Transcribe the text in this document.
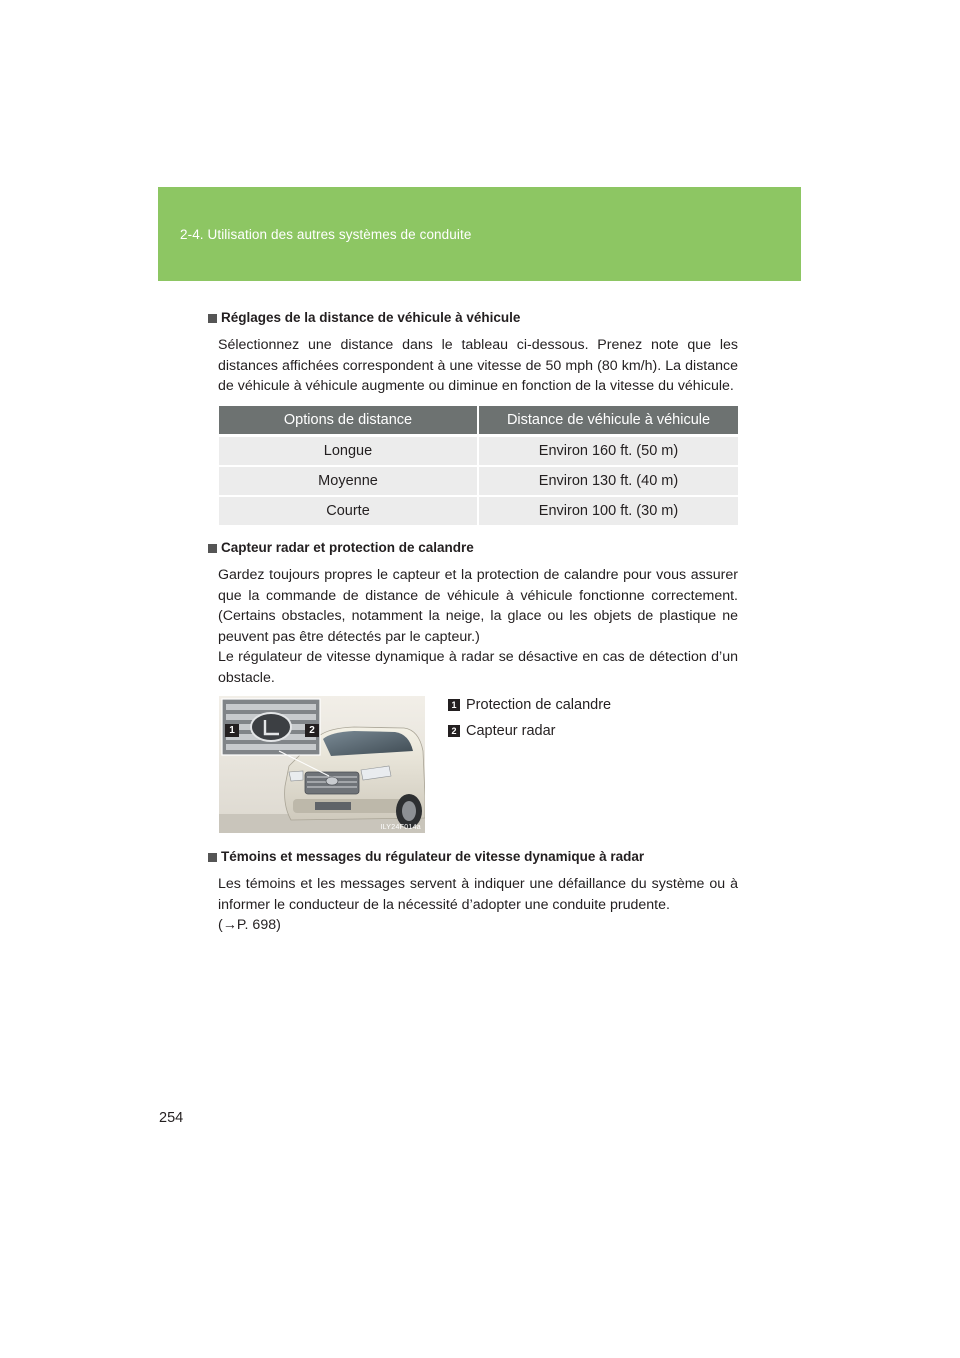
2-4. Utilisation des autres systèmes de conduite
Réglages de la distance de véhicule à véhicule

Sélectionnez une distance dans le tableau ci-dessous. Prenez note que les distances affichées correspondent à une vitesse de 50 mph (80 km/h). La distance de véhicule à véhicule augmente ou diminue en fonction de la vitesse du véhicule.

Options de distance	Distance de véhicule à véhicule
Longue	Environ 160 ft. (50 m)
Moyenne	Environ 130 ft. (40 m)
Courte	Environ 100 ft. (30 m)
Capteur radar et protection de calandre

Gardez toujours propres le capteur et la protection de calandre pour vous assurer que la commande de distance de véhicule à véhicule fonctionne correctement. (Certains obstacles, notamment la neige, la glace ou les objets de plastique ne peuvent pas être détectés par le capteur.)

Le régulateur de vitesse dynamique à radar se désactive en cas de détection d’un obstacle.

1	2
ILY24F014a
1 Protection de calandre
2 Capteur radar
Témoins et messages du régulateur de vitesse dynamique à radar

Les témoins et les messages servent à indiquer une défaillance du système ou à informer le conducteur de la nécessité d’adopter une conduite prudente.

(→P. 698)

254
